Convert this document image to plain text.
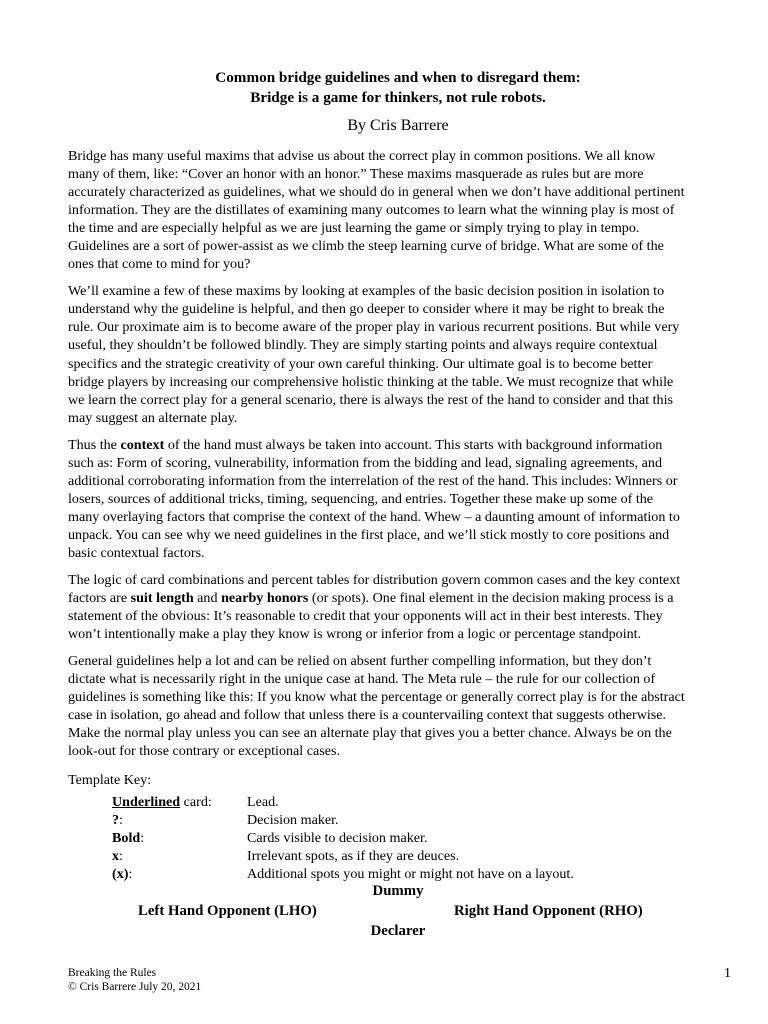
Common bridge guidelines and when to disregard them:
Bridge is a game for thinkers, not rule robots.

By Cris Barrere

Bridge has many useful maxims that advise us about the correct play in common positions. We all know
many of them, like: “Cover an honor with an honor.” These maxims masquerade as rules but are more
accurately characterized as guidelines, what we should do in general when we don’t have additional pertinent
information. They are the distillates of examining many outcomes to learn what the winning play is most of
the time and are especially helpful as we are just learning the game or simply trying to play in tempo.
Guidelines are a sort of power-assist as we climb the steep learning curve of bridge. What are some of the
ones that come to mind for you?

We’ll examine a few of these maxims by looking at examples of the basic decision position in isolation to
understand why the guideline is helpful, and then go deeper to consider where it may be right to break the
rule. Our proximate aim is to become aware of the proper play in various recurrent positions. But while very
useful, they shouldn’t be followed blindly. They are simply starting points and always require contextual
specifics and the strategic creativity of your own careful thinking. Our ultimate goal is to become better
bridge players by increasing our comprehensive holistic thinking at the table. We must recognize that while
we learn the correct play for a general scenario, there is always the rest of the hand to consider and that this
may suggest an alternate play.

Thus the context of the hand must always be taken into account. This starts with background information
such as: Form of scoring, vulnerability, information from the bidding and lead, signaling agreements, and
additional corroborating information from the interrelation of the rest of the hand. This includes: Winners or
losers, sources of additional tricks, timing, sequencing, and entries. Together these make up some of the
many overlaying factors that comprise the context of the hand. Whew – a daunting amount of information to
unpack. You can see why we need guidelines in the first place, and we’ll stick mostly to core positions and
basic contextual factors.

The logic of card combinations and percent tables for distribution govern common cases and the key context
factors are suit length and nearby honors (or spots). One final element in the decision making process is a
statement of the obvious: It’s reasonable to credit that your opponents will act in their best interests. They
won’t intentionally make a play they know is wrong or inferior from a logic or percentage standpoint.

General guidelines help a lot and can be relied on absent further compelling information, but they don’t
dictate what is necessarily right in the unique case at hand. The Meta rule – the rule for our collection of
guidelines is something like this: If you know what the percentage or generally correct play is for the abstract
case in isolation, go ahead and follow that unless there is a countervailing context that suggests otherwise.
Make the normal play unless you can see an alternate play that gives you a better chance. Always be on the
look-out for those contrary or exceptional cases.

Template Key:
Underlined card:	Lead.
?:	Decision maker.
Bold:	Cards visible to decision maker.
x:	Irrelevant spots, as if they are deuces.
(x):	Additional spots you might or might not have on a layout.
Dummy
Left Hand Opponent (LHO)	Right Hand Opponent (RHO)
Declarer
Breaking the Rules
© Cris Barrere July 20, 2021
1
